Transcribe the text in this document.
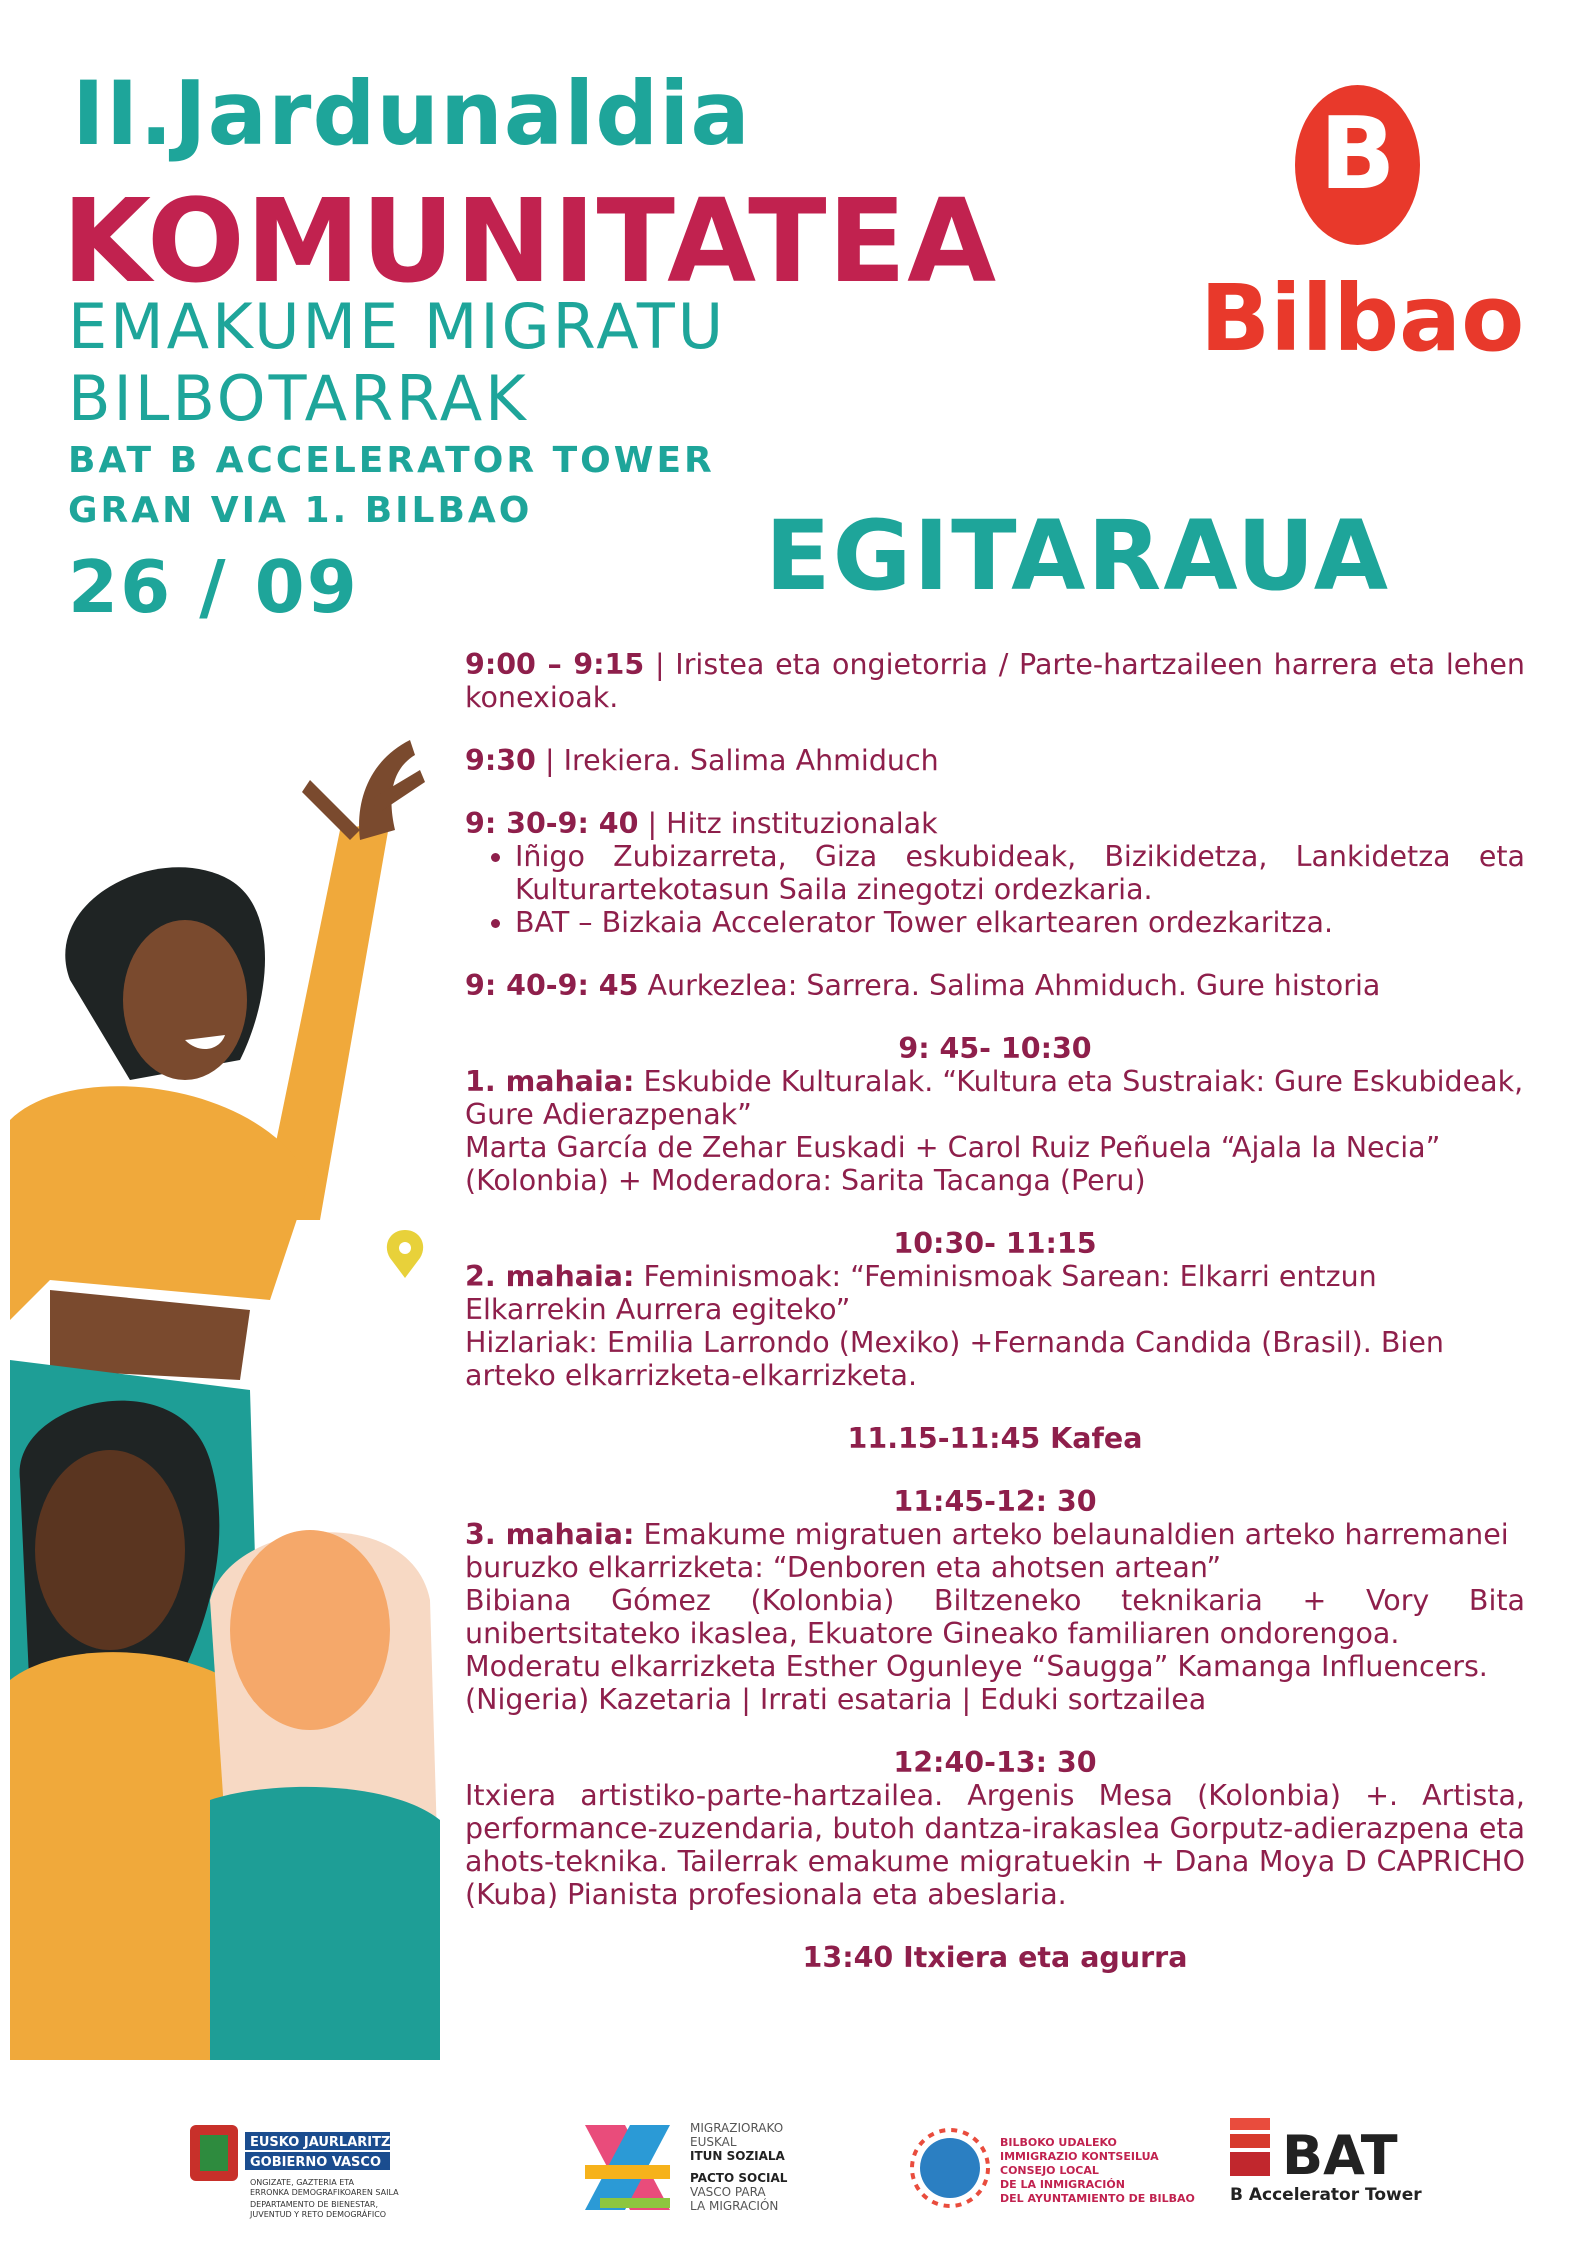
II.Jardunaldia
KOMUNITATEA
EMAKUME MIGRATU
BILBOTARRAK
BAT B ACCELERATOR TOWER
GRAN VIA 1. BILBAO
26 / 09	EGITARAUA
B
Bilbao

9:00 – 9:15 | Iristea eta ongietorria / Parte-hartzaileen harrera eta lehen konexioak.

9:30 | Irekiera. Salima Ahmiduch

9: 30-9: 40 | Hitz instituzionalak

• Iñigo Zubizarreta, Giza eskubideak, Bizikidetza, Lankidetza eta Kulturartekotasun Saila zinegotzi ordezkaria.
• BAT – Bizkaia Accelerator Tower elkartearen ordezkaritza.

9: 40-9: 45 Aurkezlea: Sarrera. Salima Ahmiduch. Gure historia

9: 45- 10:30

1. mahaia: Eskubide Kulturalak. “Kultura eta Sustraiak: Gure Eskubideak, Gure Adierazpenak”

Marta García de Zehar Euskadi + Carol Ruiz Peñuela “Ajala la Necia” (Kolonbia) + Moderadora: Sarita Tacanga (Peru)

10:30- 11:15

2. mahaia: Feminismoak: “Feminismoak Sarean: Elkarri entzun Elkarrekin Aurrera egiteko”

Hizlariak: Emilia Larrondo (Mexiko) +Fernanda Candida (Brasil). Bien arteko elkarrizketa-elkarrizketa.

11.15-11:45 Kafea

11:45-12: 30

3. mahaia: Emakume migratuen arteko belaunaldien arteko harremanei buruzko elkarrizketa: “Denboren eta ahotsen artean”

Bibiana Gómez (Kolonbia) Biltzeneko teknikaria + Vory Bita unibertsitateko ikaslea, Ekuatore Gineako familiaren ondorengoa.

Moderatu elkarrizketa Esther Ogunleye “Saugga” Kamanga Influencers. (Nigeria) Kazetaria | Irrati esataria | Eduki sortzailea

12:40-13: 30

Itxiera artistiko-parte-hartzailea. Argenis Mesa (Kolonbia) +. Artista, performance-zuzendaria, butoh dantza-irakaslea Gorputz-adierazpena eta ahots-teknika. Tailerrak emakume migratuekin + Dana Moya D CAPRICHO (Kuba) Pianista profesionala eta abeslaria.

13:40 Itxiera eta agurra

EUSKO JAURLARITZA
GOBIERNO VASCO
ONGIZATE, GAZTERIA ETA
ERRONKA DEMOGRAFIKOAREN SAILA
DEPARTAMENTO DE BIENESTAR,
JUVENTUD Y RETO DEMOGRÁFICO
MIGRAZIORAKO
EUSKAL
ITUN SOZIALA
PACTO SOCIAL
VASCO PARA
LA MIGRACIÓN
BILBOKO UDALEKO
IMMIGRAZIO KONTSEILUA
CONSEJO LOCAL
DE LA INMIGRACIÓN
DEL AYUNTAMIENTO DE BILBAO
BAT
B Accelerator Tower
